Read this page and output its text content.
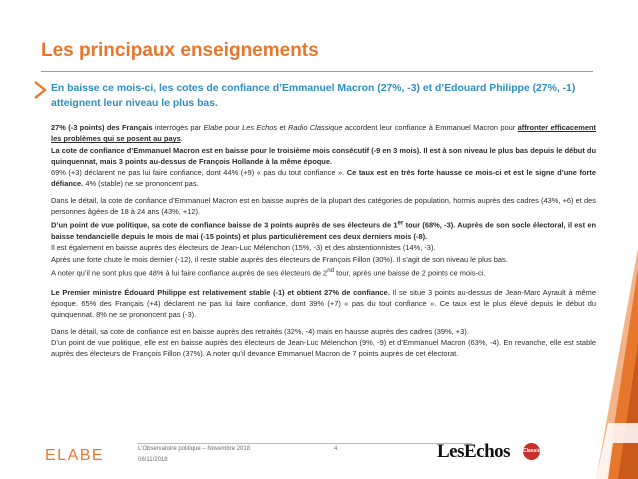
Les principaux enseignements
En baisse ce mois-ci, les cotes de confiance d’Emmanuel Macron (27%, -3) et d’Edouard Philippe (27%, -1) atteignent leur niveau le plus bas.

27% (-3 points) des Français interrogés par Elabe pour Les Echos et Radio Classique accordent leur confiance à Emmanuel Macron pour affronter efficacement les problèmes qui se posent au pays.
La cote de confiance d’Emmanuel Macron est en baisse pour le troisième mois consécutif (-9 en 3 mois). Il est à son niveau le plus bas depuis le début du quinquennat, mais 3 points au-dessus de François Hollande à la même époque.
69% (+3) déclarent ne pas lui faire confiance, dont 44% (+9) « pas du tout confiance ». Ce taux est en très forte hausse ce mois-ci et est le signe d’une forte défiance. 4% (stable) ne se prononcent pas.

Dans le détail, la cote de confiance d’Emmanuel Macron est en baisse auprès de la plupart des catégories de population, hormis auprès des cadres (43%, +6) et des personnes âgées de 18 à 24 ans (43%, +12).
D’un point de vue politique, sa cote de confiance baisse de 3 points auprès de ses électeurs de 1er tour (68%, -3). Auprès de son socle électoral, il est en baisse tendancielle depuis le mois de mai (-15 points) et plus particulièrement ces deux derniers mois (-8).
Il est également en baisse auprès des électeurs de Jean-Luc Mélenchon (15%, -3) et des abstentionnistes (14%, -3).
Après une forte chute le mois dernier (-12), il reste stable auprès des électeurs de François Fillon (30%). Il s’agit de son niveau le plus bas.
A noter qu’il ne sont plus que 48% à lui faire confiance auprès de ses électeurs de 2nd tour, après une baisse de 2 points ce mois-ci.

Le Premier ministre Édouard Philippe est relativement stable (-1) et obtient 27% de confiance. Il se situe 3 points au-dessus de Jean-Marc Ayrault à même époque. 65% des Français (+4) déclarent ne pas lui faire confiance, dont 39% (+7) « pas du tout confiance ». Ce taux est le plus élevé depuis le début du quinquennat. 8% ne se prononcent pas (-3).

Dans le détail, sa cote de confiance est en baisse auprès des retraités (32%, -4) mais en hausse auprès des cadres (39%, +3).
D’un point de vue politique, elle est en baisse auprès des électeurs de Jean-Luc Mélenchon (9%, -9) et d’Emmanuel Macron (63%, -4). En revanche, elle est stable auprès des électeurs de François Fillon (37%). A noter qu’il devance Emmanuel Macron de 7 points auprès de cet électorat.

ELABE	L’Observatoire politique – Novembre 2018
08/11/2018
4	LesEchos	Classique
